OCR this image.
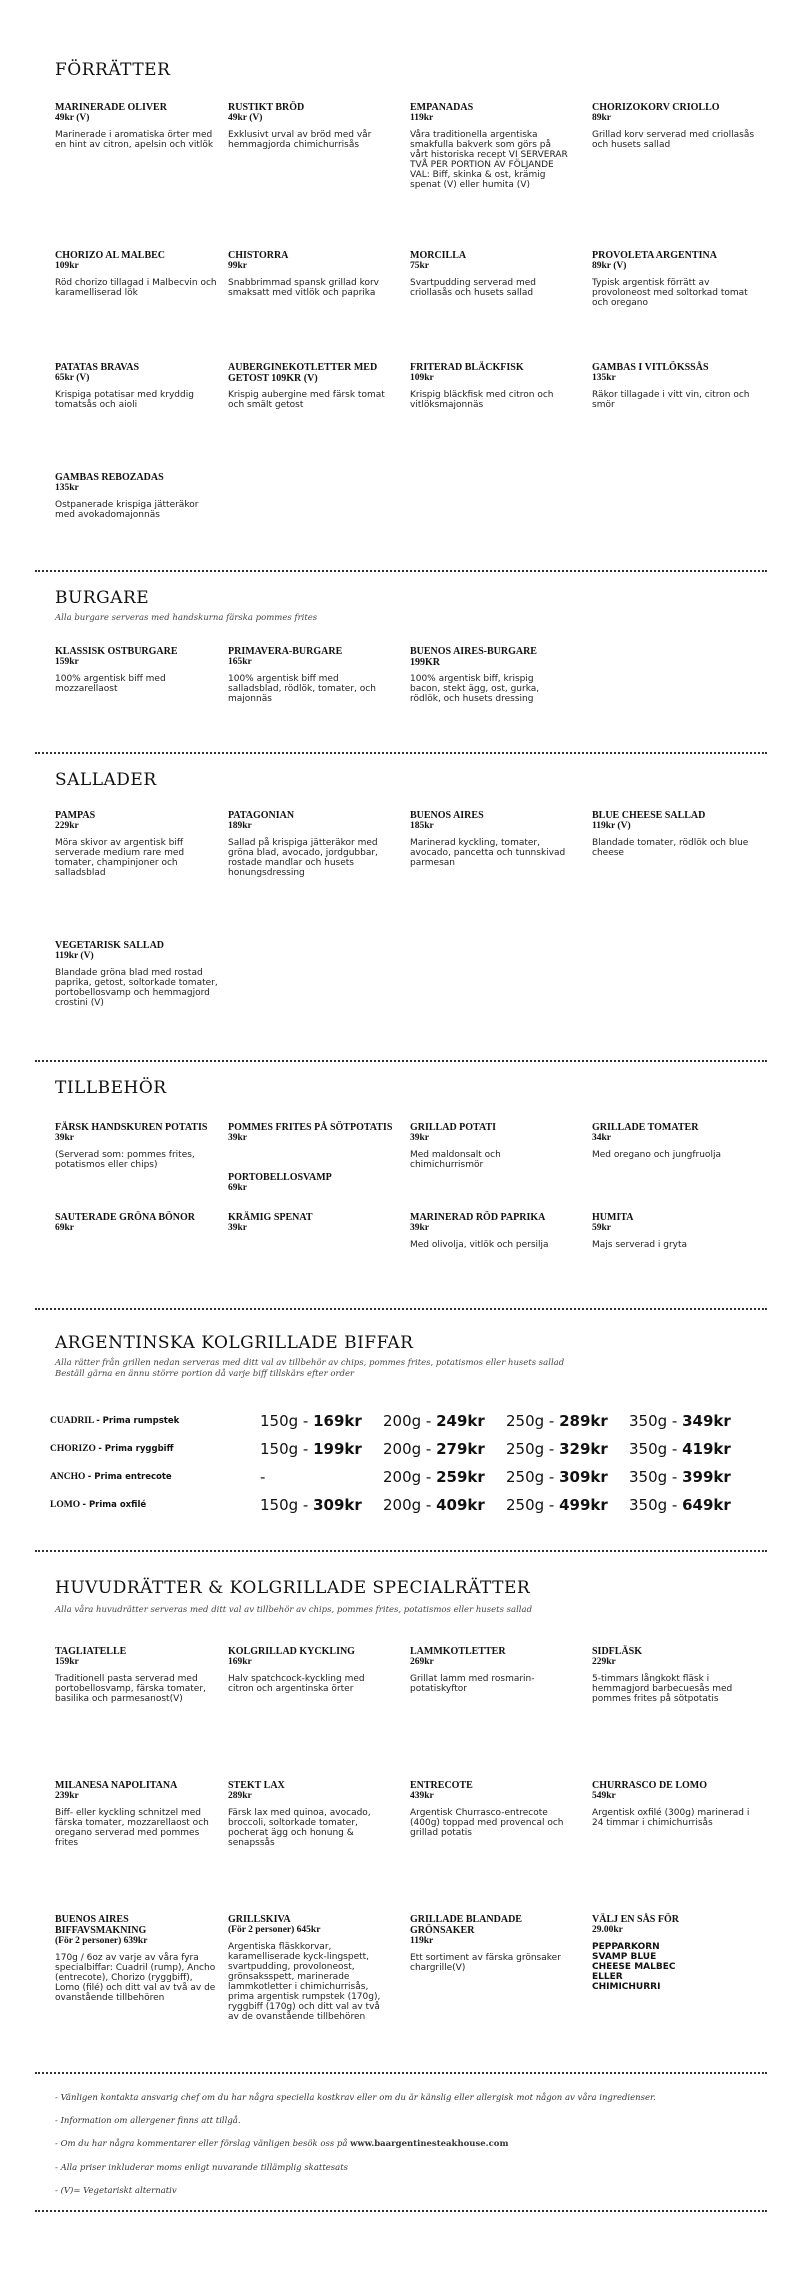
FÖRRÄTTER
MARINERADE OLIVER
49kr (V)
Marinerade i aromatiska örter med en hint av citron, apelsin och vitlök
RUSTIKT BRÖD
49kr (V)
Exklusivt urval av bröd med vår hemmagjorda chimichurrisås
EMPANADAS
119kr
Våra traditionella argentiska smakfulla bakverk som görs på vårt historiska recept VI SERVERAR TVÅ PER PORTION AV FÖLJANDE VAL: Biff, skinka & ost, krämig spenat (V) eller humita (V)
CHORIZOKORV CRIOLLO
89kr
Grillad korv serverad med criollasås och husets sallad
CHORIZO AL MALBEC
109kr
Röd chorizo tillagad i Malbecvin och karamelliserad lök
CHISTORRA
99kr
Snabbrimmad spansk grillad korv smaksatt med vitlök och paprika
MORCILLA
75kr
Svartpudding serverad med criollasås och husets sallad
PROVOLETA ARGENTINA
89kr (V)
Typisk argentisk förrätt av provoloneost med soltorkad tomat och oregano
PATATAS BRAVAS
65kr (V)
Krispiga potatisar med kryddig tomatsås och aioli
AUBERGINEKOTLETTER MED GETOST 109KR (V)
Krispig aubergine med färsk tomat och smält getost
FRITERAD BLÄCKFISK
109kr
Krispig bläckfisk med citron och vitlöksmajonnäs
GAMBAS I VITLÖKSSÅS
135kr
Räkor tillagade i vitt vin, citron och smör
GAMBAS REBOZADAS
135kr
Ostpanerade krispiga jätteräkor med avokadomajonnäs
BURGARE
Alla burgare serveras med handskurna färska pommes frites
KLASSISK OSTBURGARE
159kr
100% argentisk biff med mozzarellaost
PRIMAVERA-BURGARE
165kr
100% argentisk biff med salladsblad, rödlök, tomater, och majonnäs
BUENOS AIRES-BURGARE 199KR
100% argentisk biff, krispig bacon, stekt ägg, ost, gurka, rödlök, och husets dressing
SALLADER
PAMPAS
229kr
Möra skivor av argentisk biff serverade medium rare med tomater, champinjoner och salladsblad
PATAGONIAN
189kr
Sallad på krispiga jätteräkor med gröna blad, avocado, jordgubbar, rostade mandlar och husets honungsdressing
BUENOS AIRES
185kr
Marinerad kyckling, tomater, avocado, pancetta och tunnskivad parmesan
BLUE CHEESE SALLAD
119kr (V)
Blandade tomater, rödlök och blue cheese
VEGETARISK SALLAD
119kr (V)
Blandade gröna blad med rostad paprika, getost, soltorkade tomater, portobellosvamp och hemmagjord crostini (V)
TILLBEHÖR
FÄRSK HANDSKUREN POTATIS
39kr
(Serverad som: pommes frites, potatismos eller chips)
POMMES FRITES PÅ SÖTPOTATIS
39kr
PORTOBELLOSVAMP
69kr
GRILLAD POTATI
39kr
Med maldonsalt och chimichurrismör
GRILLADE TOMATER
34kr
Med oregano och jungfruolja
SAUTERADE GRÖNA BÖNOR
69kr
KRÄMIG SPENAT
39kr
MARINERAD RÖD PAPRIKA
39kr
Med olivolja, vitlök och persilja
HUMITA
59kr
Majs serverad i gryta
ARGENTINSKA KOLGRILLADE BIFFAR
Alla rätter från grillen nedan serveras med ditt val av tillbehör av chips, pommes frites, potatismos eller husets sallad
Beställ gärna en ännu större portion då varje biff tillskärs efter order
CUADRIL - Prima rumpstek	150g - 169kr 200g - 249kr 250g - 289kr 350g - 349kr
CHORIZO - Prima ryggbiff	150g - 199kr 200g - 279kr 250g - 329kr 350g - 419kr
ANCHO - Prima entrecote	-	200g - 259kr 250g - 309kr 350g - 399kr
LOMO - Prima oxfilé	150g - 309kr 200g - 409kr 250g - 499kr 350g - 649kr
HUVUDRÄTTER & KOLGRILLADE SPECIALRÄTTER
Alla våra huvudrätter serveras med ditt val av tillbehör av chips, pommes frites, potatismos eller husets sallad
TAGLIATELLE
159kr
Traditionell pasta serverad med portobellosvamp, färska tomater, basilika och parmesanost(V)
KOLGRILLAD KYCKLING
169kr
Halv spatchcock-kyckling med citron och argentinska örter
LAMMKOTLETTER
269kr
Grillat lamm med rosmarin-potatiskyftor
SIDFLÄSK
229kr
5-timmars långkokt fläsk i hemmagjord barbecuesås med pommes frites på sötpotatis
MILANESA NAPOLITANA
239kr
Biff- eller kyckling schnitzel med färska tomater, mozzarellaost och oregano serverad med pommes frites
STEKT LAX
289kr
Färsk lax med quinoa, avocado, broccoli, soltorkade tomater, pocherat ägg och honung & senapssås
ENTRECOTE
439kr
Argentisk Churrasco-entrecote (400g) toppad med provencal och grillad potatis
CHURRASCO DE LOMO
549kr
Argentisk oxfilé (300g) marinerad i 24 timmar i chimichurrisås
BUENOS AIRES BIFFAVSMAKNING
(För 2 personer) 639kr
170g / 6oz av varje av våra fyra specialbiffar: Cuadril (rump), Ancho (entrecote), Chorizo (ryggbiff), Lomo (filé) och ditt val av två av de ovanstående tillbehören
GRILLSKIVA
(För 2 personer) 645kr
Argentiska fläskkorvar, karamelliserade kyck-lingspett, svartpudding, provoloneost, grönsaksspett, marinerade lammkotletter i chimichurrisås, prima argentisk rumpstek (170g), ryggbiff (170g) och ditt val av två av de ovanstående tillbehören
GRILLADE BLANDADE GRÖNSAKER
119kr
Ett sortiment av färska grönsaker chargrille(V)
VÄLJ EN SÅS FÖR
29.00kr
PEPPARKORN SVAMP BLUE CHEESE MALBEC ELLER CHIMICHURRI
- Vänligen kontakta ansvarig chef om du har några speciella kostkrav eller om du är känslig eller allergisk mot någon av våra ingredienser.
- Information om allergener finns att tillgå.
- Om du har några kommentarer eller förslag vänligen besök oss på www.baargentinesteakhouse.com
- Alla priser inkluderar moms enligt nuvarande tillämplig skattesats
- (V)= Vegetariskt alternativ
